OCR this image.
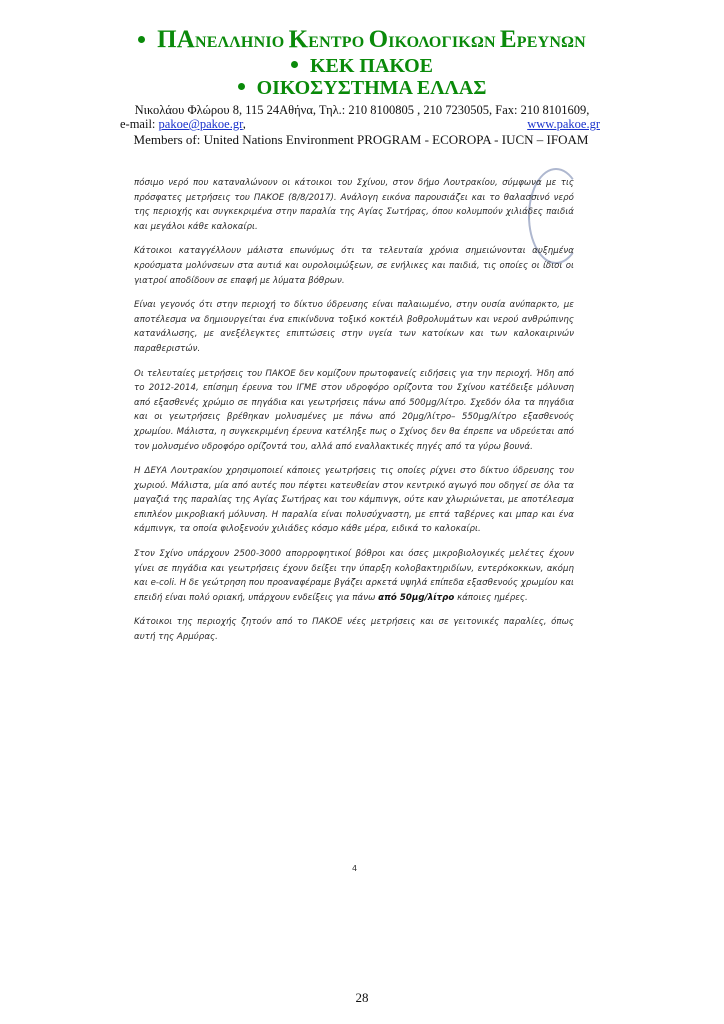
ΠΑΝΕΛΛΗΝΙΟ ΚΕΝΤΡΟ ΟΙΚΟΛΟΓΙΚΩΝ ΕΡΕΥΝΩΝ
ΚΕΚ ΠΑΚΟΕ
ΟΙΚΟΣΥΣΤΗΜΑ ΕΛΛΑΣ
Νικολάου Φλώρου 8, 115 24Αθήνα, Τηλ.: 210 8100805 , 210 7230505, Fax: 210 8101609,
e-mail: pakoe@pakoe.gr,	www.pakoe.gr
Members of: United Nations Environment PROGRAM - ECOROPA - IUCN – IFOAM

πόσιμο νερό που καταναλώνουν οι κάτοικοι του Σχίνου, στον δήμο Λουτρακίου, σύμφωνα με τις πρόσφατες μετρήσεις του ΠΑΚΟΕ (8/8/2017). Ανάλογη εικόνα παρουσιάζει και το θαλασσινό νερό της περιοχής και συγκεκριμένα στην παραλία της Αγίας Σωτήρας, όπου κολυμπούν χιλιάδες παιδιά και μεγάλοι κάθε καλοκαίρι.

Κάτοικοι καταγγέλλουν μάλιστα επωνύμως ότι τα τελευταία χρόνια σημειώνονται αυξημένα κρούσματα μολύνσεων στα αυτιά και ουρολοιμώξεων, σε ενήλικες και παιδιά, τις οποίες οι ίδιοι οι γιατροί αποδίδουν σε επαφή με λύματα βόθρων.

Είναι γεγονός ότι στην περιοχή το δίκτυο ύδρευσης είναι παλαιωμένο, στην ουσία ανύπαρκτο, με αποτέλεσμα να δημιουργείται ένα επικίνδυνα τοξικό κοκτέιλ βοθρολυμάτων και νερού ανθρώπινης κατανάλωσης, με ανεξέλεγκτες επιπτώσεις στην υγεία των κατοίκων και των καλοκαιρινών παραθεριστών.

Οι τελευταίες μετρήσεις του ΠΑΚΟΕ δεν κομίζουν πρωτοφανείς ειδήσεις για την περιοχή. Ήδη από το 2012-2014, επίσημη έρευνα του ΙΓΜΕ στον υδροφόρο ορίζοντα του Σχίνου κατέδειξε μόλυνση από εξασθενές χρώμιο σε πηγάδια και γεωτρήσεις πάνω από 500μg/λίτρο. Σχεδόν όλα τα πηγάδια και οι γεωτρήσεις βρέθηκαν μολυσμένες με πάνω από 20μg/λίτρο– 550μg/λίτρο εξασθενούς χρωμίου. Μάλιστα, η συγκεκριμένη έρευνα κατέληξε πως ο Σχίνος δεν θα έπρεπε να υδρεύεται από τον μολυσμένο υδροφόρο ορίζοντά του, αλλά από εναλλακτικές πηγές από τα γύρω βουνά.

Η ΔΕΥΑ Λουτρακίου χρησιμοποιεί κάποιες γεωτρήσεις τις οποίες ρίχνει στο δίκτυο ύδρευσης του χωριού. Μάλιστα, μία από αυτές που πέφτει κατευθείαν στον κεντρικό αγωγό που οδηγεί σε όλα τα μαγαζιά της παραλίας της Αγίας Σωτήρας και του κάμπινγκ, ούτε καν χλωριώνεται, με αποτέλεσμα επιπλέον μικροβιακή μόλυνση. Η παραλία είναι πολυσύχναστη, με επτά ταβέρνες και μπαρ και ένα κάμπινγκ, τα οποία φιλοξενούν χιλιάδες κόσμο κάθε μέρα, ειδικά το καλοκαίρι.

Στον Σχίνο υπάρχουν 2500-3000 απορροφητικοί βόθροι και όσες μικροβιολογικές μελέτες έχουν γίνει σε πηγάδια και γεωτρήσεις έχουν δείξει την ύπαρξη κολοβακτηριδίων, εντερόκοκκων, ακόμη και e-coli. Η δε γεώτρηση που προαναφέραμε βγάζει αρκετά υψηλά επίπεδα εξασθενούς χρωμίου και επειδή είναι πολύ οριακή, υπάρχουν ενδείξεις για πάνω από 50μg/λίτρο κάποιες ημέρες.

Κάτοικοι της περιοχής ζητούν από το ΠΑΚΟΕ νέες μετρήσεις και σε γειτονικές παραλίες, όπως αυτή της Αρμύρας.

4
28
